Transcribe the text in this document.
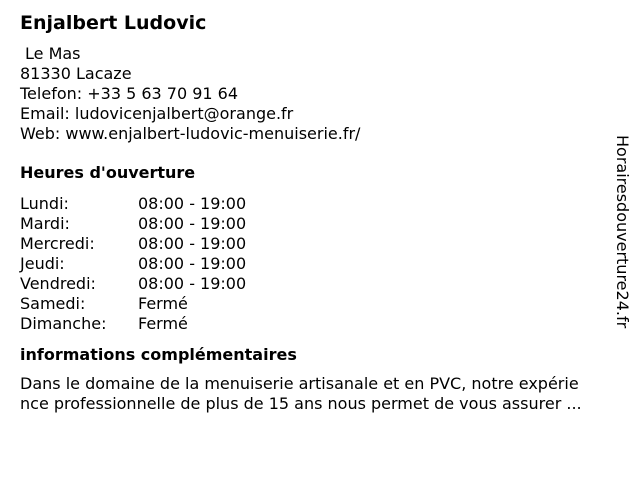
Enjalbert Ludovic
Le Mas
81330 Lacaze
Telefon: +33 5 63 70 91 64
Email: ludovicenjalbert@orange.fr
Web: www.enjalbert-ludovic-menuiserie.fr/
Heures d'ouverture
Lundi:	08:00 - 19:00
Mardi:	08:00 - 19:00
Mercredi:	08:00 - 19:00
Jeudi:	08:00 - 19:00
Vendredi:	08:00 - 19:00
Samedi:	Fermé
Dimanche:	Fermé
informations complémentaires
Dans le domaine de la menuiserie artisanale et en PVC, notre expérie
nce professionnelle de plus de 15 ans nous permet de vous assurer ...
Horairesdouverture24.fr
